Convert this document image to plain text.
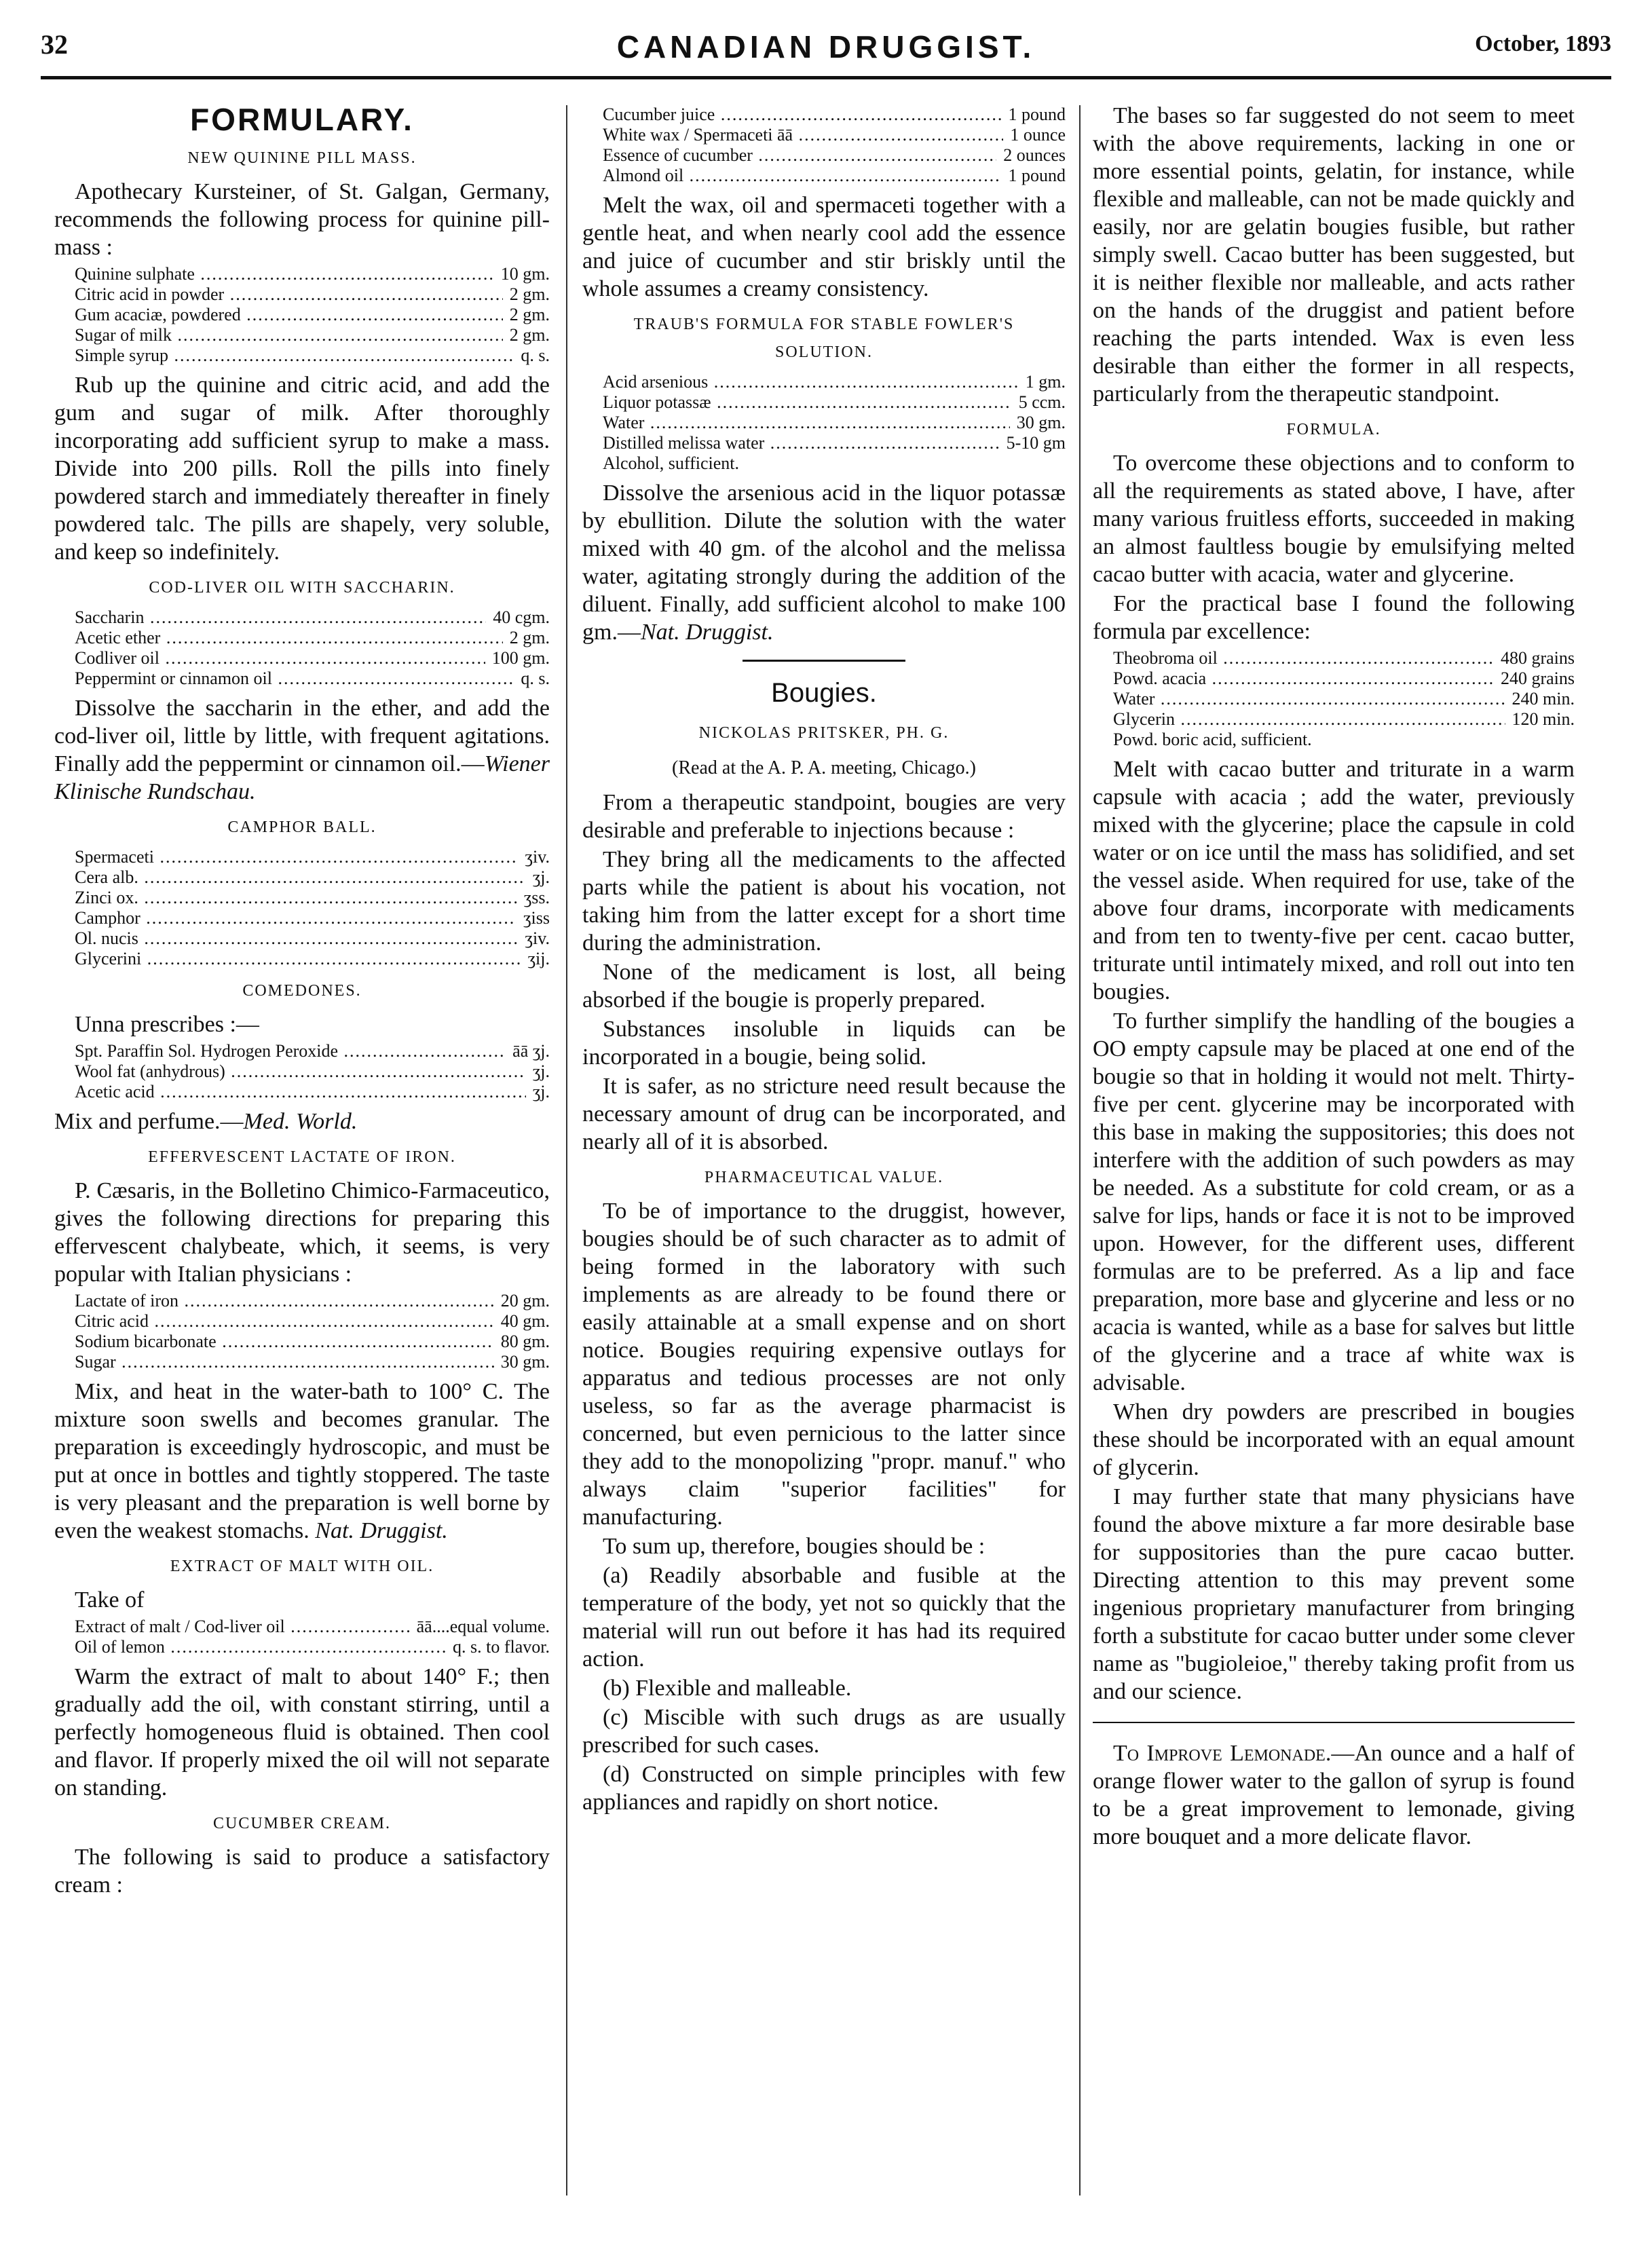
32	CANADIAN DRUGGIST.	October, 1893
FORMULARY.
NEW QUININE PILL MASS.

Apothecary Kursteiner, of St. Galgan, Germany, recommends the following process for quinine pill-mass :

Quinine sulphate .....	10 gm.
Citric acid in powder .....	2 gm.
Gum acaciæ, powdered .....	2 gm.
Sugar of milk .....	2 gm.
Simple syrup .....	q. s.

Rub up the quinine and citric acid, and add the gum and sugar of milk. After thoroughly incorporating add sufficient syrup to make a mass. Divide into 200 pills. Roll the pills into finely powdered starch and immediately thereafter in finely powdered talc. The pills are shapely, very soluble, and keep so indefinitely.

COD-LIVER OIL WITH SACCHARIN.
Saccharin .....	40 cgm.
Acetic ether .....	2 gm.
Codliver oil .....	100 gm.
Peppermint or cinnamon oil .....	q. s.

Dissolve the saccharin in the ether, and add the cod-liver oil, little by little, with frequent agitations. Finally add the peppermint or cinnamon oil.—Wiener Klinische Rundschau.

CAMPHOR BALL.
Spermaceti .....	ʒiv.
Cera alb. .....	ʒj.
Zinci ox. .....	ʒss.
Camphor .....	ʒiss
Ol. nucis .....	ʒiv.
Glycerini .....	ʒij.
COMEDONES.

Unna prescribes :—

Spt. Paraffin Sol. Hydrogen Peroxide .....	āā ʒj.
Wool fat (anhydrous) .....	ʒj.
Acetic acid .....	ʒj.

Mix and perfume.—Med. World.

EFFERVESCENT LACTATE OF IRON.

P. Cæsaris, in the Bolletino Chimico-Farmaceutico, gives the following directions for preparing this effervescent chalybeate, which, it seems, is very popular with Italian physicians :

Lactate of iron .....	20 gm.
Citric acid .....	40 gm.
Sodium bicarbonate .....	80 gm.
Sugar .....	30 gm.

Mix, and heat in the water-bath to 100° C. The mixture soon swells and becomes granular. The preparation is exceedingly hydroscopic, and must be put at once in bottles and tightly stoppered. The taste is very pleasant and the preparation is well borne by even the weakest stomachs. Nat. Druggist.

EXTRACT OF MALT WITH OIL.

Take of

Extract of malt / Cod-liver oil .....	āā....equal volume.
Oil of lemon .....	q. s. to flavor.

Warm the extract of malt to about 140° F.; then gradually add the oil, with constant stirring, until a perfectly homogeneous fluid is obtained. Then cool and flavor. If properly mixed the oil will not separate on standing.

CUCUMBER CREAM.

The following is said to produce a satisfactory cream :

Cucumber juice .....	1 pound
White wax / Spermaceti āā .....	1 ounce
Essence of cucumber .....	2 ounces
Almond oil .....	1 pound

Melt the wax, oil and spermaceti together with a gentle heat, and when nearly cool add the essence and juice of cucumber and stir briskly until the whole assumes a creamy consistency.

TRAUB'S FORMULA FOR STABLE FOWLER'S SOLUTION.
Acid arsenious .....	1 gm.
Liquor potassæ .....	5 ccm.
Water .....	30 gm.
Distilled melissa water .....	5-10 gm
Alcohol, sufficient.

Dissolve the arsenious acid in the liquor potassæ by ebullition. Dilute the solution with the water mixed with 40 gm. of the alcohol and the melissa water, agitating strongly during the addition of the diluent. Finally, add sufficient alcohol to make 100 gm.—Nat. Druggist.

Bougies.
NICKOLAS PRITSKER, PH. G.
(Read at the A. P. A. meeting, Chicago.)

From a therapeutic standpoint, bougies are very desirable and preferable to injections because :

They bring all the medicaments to the affected parts while the patient is about his vocation, not taking him from the latter except for a short time during the administration.

None of the medicament is lost, all being absorbed if the bougie is properly prepared.

Substances insoluble in liquids can be incorporated in a bougie, being solid.

It is safer, as no stricture need result because the necessary amount of drug can be incorporated, and nearly all of it is absorbed.

PHARMACEUTICAL VALUE.

To be of importance to the druggist, however, bougies should be of such character as to admit of being formed in the laboratory with such implements as are already to be found there or easily attainable at a small expense and on short notice. Bougies requiring expensive outlays for apparatus and tedious processes are not only useless, so far as the average pharmacist is concerned, but even pernicious to the latter since they add to the monopolizing "propr. manuf." who always claim "superior facilities" for manufacturing.

To sum up, therefore, bougies should be :

(a) Readily absorbable and fusible at the temperature of the body, yet not so quickly that the material will run out before it has had its required action.

(b) Flexible and malleable.

(c) Miscible with such drugs as are usually prescribed for such cases.

(d) Constructed on simple principles with few appliances and rapidly on short notice.

The bases so far suggested do not seem to meet with the above requirements, lacking in one or more essential points, gelatin, for instance, while flexible and malleable, can not be made quickly and easily, nor are gelatin bougies fusible, but rather simply swell. Cacao butter has been suggested, but it is neither flexible nor malleable, and acts rather on the hands of the druggist and patient before reaching the parts intended. Wax is even less desirable than either the former in all respects, particularly from the therapeutic standpoint.

FORMULA.

To overcome these objections and to conform to all the requirements as stated above, I have, after many various fruitless efforts, succeeded in making an almost faultless bougie by emulsifying melted cacao butter with acacia, water and glycerine.

For the practical base I found the following formula par excellence:

Theobroma oil .....	480 grains
Powd. acacia .....	240 grains
Water .....	240 min.
Glycerin .....	120 min.
Powd. boric acid, sufficient.

Melt with cacao butter and triturate in a warm capsule with acacia ; add the water, previously mixed with the glycerine; place the capsule in cold water or on ice until the mass has solidified, and set the vessel aside. When required for use, take of the above four drams, incorporate with medicaments and from ten to twenty-five per cent. cacao butter, triturate until intimately mixed, and roll out into ten bougies.

To further simplify the handling of the bougies a OO empty capsule may be placed at one end of the bougie so that in holding it would not melt. Thirty-five per cent. glycerine may be incorporated with this base in making the suppositories; this does not interfere with the addition of such powders as may be needed. As a substitute for cold cream, or as a salve for lips, hands or face it is not to be improved upon. However, for the different uses, different formulas are to be preferred. As a lip and face preparation, more base and glycerine and less or no acacia is wanted, while as a base for salves but little of the glycerine and a trace af white wax is advisable.

When dry powders are prescribed in bougies these should be incorporated with an equal amount of glycerin.

I may further state that many physicians have found the above mixture a far more desirable base for suppositories than the pure cacao butter. Directing attention to this may prevent some ingenious proprietary manufacturer from bringing forth a substitute for cacao butter under some clever name as "bugioleioe," thereby taking profit from us and our science.

To Improve Lemonade.—An ounce and a half of orange flower water to the gallon of syrup is found to be a great improvement to lemonade, giving more bouquet and a more delicate flavor.
